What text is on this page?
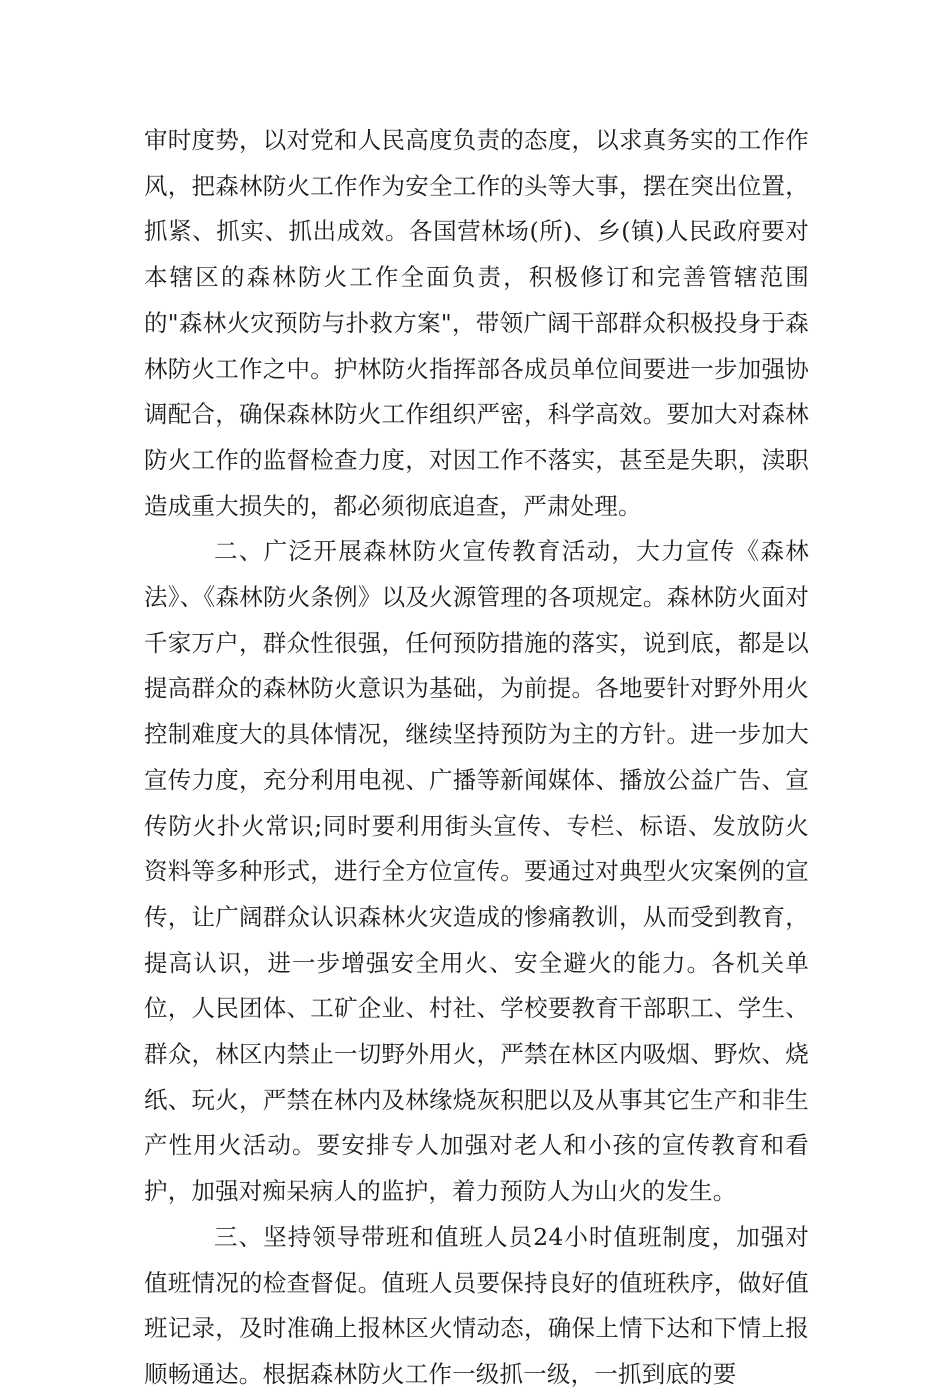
审时度势，以对党和人民高度负责的态度，以求真务实的工作作风，把森林防火工作作为安全工作的头等大事，摆在突出位置，抓紧、抓实、抓出成效。各国营林场(所)、乡(镇)人民政府要对本辖区的森林防火工作全面负责，积极修订和完善管辖范围的"森林火灾预防与扑救方案"，带领广阔干部群众积极投身于森林防火工作之中。护林防火指挥部各成员单位间要进一步加强协调配合，确保森林防火工作组织严密，科学高效。要加大对森林防火工作的监督检查力度，对因工作不落实，甚至是失职，渎职造成重大损失的，都必须彻底追查，严肃处理。

二、广泛开展森林防火宣传教育活动，大力宣传《森林法》、《森林防火条例》以及火源管理的各项规定。森林防火面对千家万户，群众性很强，任何预防措施的落实，说到底，都是以提高群众的森林防火意识为基础，为前提。各地要针对野外用火控制难度大的具体情况，继续坚持预防为主的方针。进一步加大宣传力度，充分利用电视、广播等新闻媒体、播放公益广告、宣传防火扑火常识;同时要利用街头宣传、专栏、标语、发放防火资料等多种形式，进行全方位宣传。要通过对典型火灾案例的宣传，让广阔群众认识森林火灾造成的惨痛教训，从而受到教育，提高认识，进一步增强安全用火、安全避火的能力。各机关单位，人民团体、工矿企业、村社、学校要教育干部职工、学生、群众，林区内禁止一切野外用火，严禁在林区内吸烟、野炊、烧纸、玩火，严禁在林内及林缘烧灰积肥以及从事其它生产和非生产性用火活动。要安排专人加强对老人和小孩的宣传教育和看护，加强对痴呆病人的监护，着力预防人为山火的发生。

三、坚持领导带班和值班人员24小时值班制度，加强对值班情况的检查督促。值班人员要保持良好的值班秩序，做好值班记录，及时准确上报林区火情动态，确保上情下达和下情上报顺畅通达。根据森林防火工作一级抓一级，一抓到底的要
